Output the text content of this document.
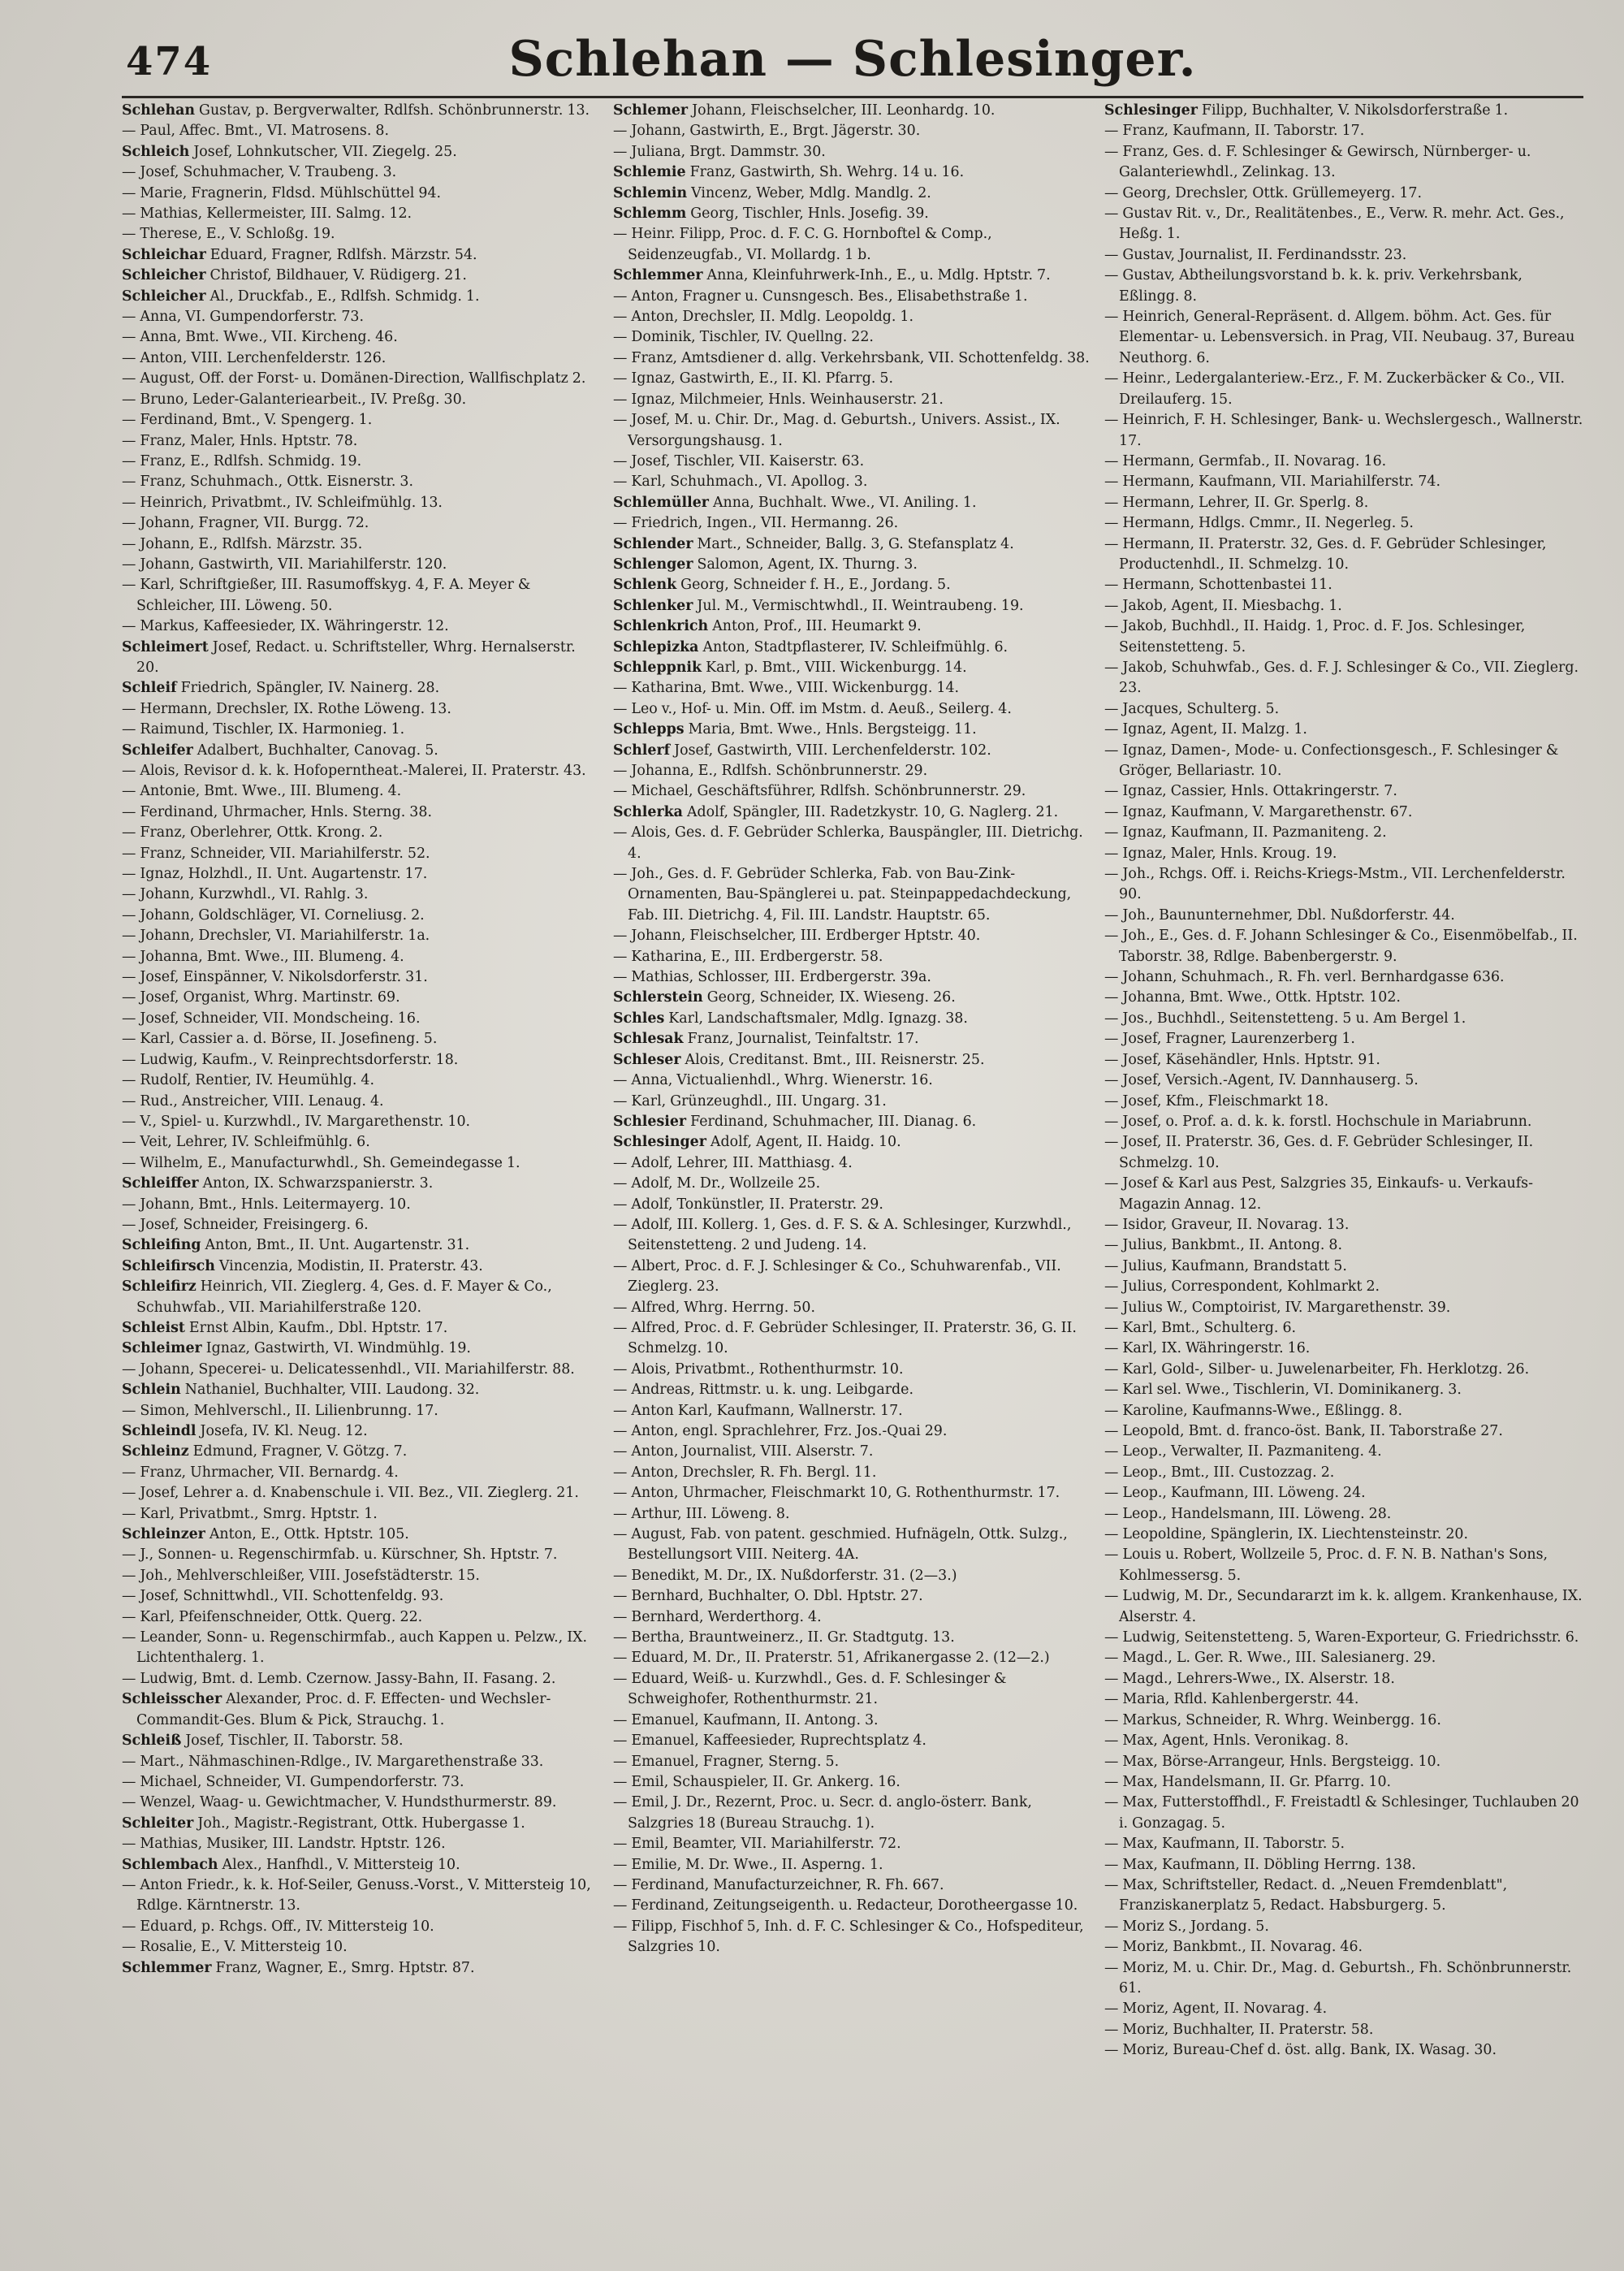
474	Schlehan — Schlesinger.
Schlehan Gustav, p. Bergverwalter, Rdlfsh. Schönbrunnerstr. 13.
— Paul, Affec. Bmt., VI. Matrosens. 8.
Schleich Josef, Lohnkutscher, VII. Ziegelg. 25.
— Josef, Schuhmacher, V. Traubeng. 3.
— Marie, Fragnerin, Fldsd. Mühlschüttel 94.
— Mathias, Kellermeister, III. Salmg. 12.
— Therese, E., V. Schloßg. 19.
Schleichar Eduard, Fragner, Rdlfsh. Märzstr. 54.
Schleicher Christof, Bildhauer, V. Rüdigerg. 21.
Schleicher Al., Druckfab., E., Rdlfsh. Schmidg. 1.
— Anna, VI. Gumpendorferstr. 73.
— Anna, Bmt. Wwe., VII. Kircheng. 46.
— Anton, VIII. Lerchenfelderstr. 126.
— August, Off. der Forst- u. Domänen-Direction, Wallfischplatz 2.
— Bruno, Leder-Galanteriearbeit., IV. Preßg. 30.
— Ferdinand, Bmt., V. Spengerg. 1.
— Franz, Maler, Hnls. Hptstr. 78.
— Franz, E., Rdlfsh. Schmidg. 19.
— Franz, Schuhmach., Ottk. Eisnerstr. 3.
— Heinrich, Privatbmt., IV. Schleifmühlg. 13.
— Johann, Fragner, VII. Burgg. 72.
— Johann, E., Rdlfsh. Märzstr. 35.
— Johann, Gastwirth, VII. Mariahilferstr. 120.
— Karl, Schriftgießer, III. Rasumoffskyg. 4, F. A. Meyer & Schleicher, III. Löweng. 50.
— Markus, Kaffeesieder, IX. Währingerstr. 12.
Schleimert Josef, Redact. u. Schriftsteller, Whrg. Hernalserstr. 20.
Schleif Friedrich, Spängler, IV. Nainerg. 28.
— Hermann, Drechsler, IX. Rothe Löweng. 13.
— Raimund, Tischler, IX. Harmonieg. 1.
Schleifer Adalbert, Buchhalter, Canovag. 5.
— Alois, Revisor d. k. k. Hofoperntheat.-Malerei, II. Praterstr. 43.
— Antonie, Bmt. Wwe., III. Blumeng. 4.
— Ferdinand, Uhrmacher, Hnls. Sterng. 38.
— Franz, Oberlehrer, Ottk. Krong. 2.
— Franz, Schneider, VII. Mariahilferstr. 52.
— Ignaz, Holzhdl., II. Unt. Augartenstr. 17.
— Johann, Kurzwhdl., VI. Rahlg. 3.
— Johann, Goldschläger, VI. Corneliusg. 2.
— Johann, Drechsler, VI. Mariahilferstr. 1a.
— Johanna, Bmt. Wwe., III. Blumeng. 4.
— Josef, Einspänner, V. Nikolsdorferstr. 31.
— Josef, Organist, Whrg. Martinstr. 69.
— Josef, Schneider, VII. Mondscheing. 16.
— Karl, Cassier a. d. Börse, II. Josefineng. 5.
— Ludwig, Kaufm., V. Reinprechtsdorferstr. 18.
— Rudolf, Rentier, IV. Heumühlg. 4.
— Rud., Anstreicher, VIII. Lenaug. 4.
— V., Spiel- u. Kurzwhdl., IV. Margarethenstr. 10.
— Veit, Lehrer, IV. Schleifmühlg. 6.
— Wilhelm, E., Manufacturwhdl., Sh. Gemeindegasse 1.
Schleiffer Anton, IX. Schwarzspanierstr. 3.
— Johann, Bmt., Hnls. Leitermayerg. 10.
— Josef, Schneider, Freisingerg. 6.
Schleifing Anton, Bmt., II. Unt. Augartenstr. 31.
Schleifirsch Vincenzia, Modistin, II. Praterstr. 43.
Schleifirz Heinrich, VII. Zieglerg. 4, Ges. d. F. Mayer & Co., Schuhwfab., VII. Mariahilferstraße 120.
Schleist Ernst Albin, Kaufm., Dbl. Hptstr. 17.
Schleimer Ignaz, Gastwirth, VI. Windmühlg. 19.
— Johann, Specerei- u. Delicatessenhdl., VII. Mariahilferstr. 88.
Schlein Nathaniel, Buchhalter, VIII. Laudong. 32.
— Simon, Mehlverschl., II. Lilienbrunng. 17.
Schleindl Josefa, IV. Kl. Neug. 12.
Schleinz Edmund, Fragner, V. Götzg. 7.
— Franz, Uhrmacher, VII. Bernardg. 4.
— Josef, Lehrer a. d. Knabenschule i. VII. Bez., VII. Zieglerg. 21.
— Karl, Privatbmt., Smrg. Hptstr. 1.
Schleinzer Anton, E., Ottk. Hptstr. 105.
— J., Sonnen- u. Regenschirmfab. u. Kürschner, Sh. Hptstr. 7.
— Joh., Mehlverschleißer, VIII. Josefstädterstr. 15.
— Josef, Schnittwhdl., VII. Schottenfeldg. 93.
— Karl, Pfeifenschneider, Ottk. Querg. 22.
— Leander, Sonn- u. Regenschirmfab., auch Kappen u. Pelzw., IX. Lichtenthalerg. 1.
— Ludwig, Bmt. d. Lemb. Czernow. Jassy-Bahn, II. Fasang. 2.
Schleisscher Alexander, Proc. d. F. Effecten- und Wechsler-Commandit-Ges. Blum & Pick, Strauchg. 1.
Schleiß Josef, Tischler, II. Taborstr. 58.
— Mart., Nähmaschinen-Rdlge., IV. Margarethenstraße 33.
— Michael, Schneider, VI. Gumpendorferstr. 73.
— Wenzel, Waag- u. Gewichtmacher, V. Hundsthurmerstr. 89.
Schleiter Joh., Magistr.-Registrant, Ottk. Hubergasse 1.
— Mathias, Musiker, III. Landstr. Hptstr. 126.
Schlembach Alex., Hanfhdl., V. Mittersteig 10.
— Anton Friedr., k. k. Hof-Seiler, Genuss.-Vorst., V. Mittersteig 10, Rdlge. Kärntnerstr. 13.
— Eduard, p. Rchgs. Off., IV. Mittersteig 10.
— Rosalie, E., V. Mittersteig 10.
Schlemmer Franz, Wagner, E., Smrg. Hptstr. 87.
Schlemer Johann, Fleischselcher, III. Leonhardg. 10.
— Johann, Gastwirth, E., Brgt. Jägerstr. 30.
— Juliana, Brgt. Dammstr. 30.
Schlemie Franz, Gastwirth, Sh. Wehrg. 14 u. 16.
Schlemin Vincenz, Weber, Mdlg. Mandlg. 2.
Schlemm Georg, Tischler, Hnls. Josefig. 39.
— Heinr. Filipp, Proc. d. F. C. G. Hornboftel & Comp., Seidenzeugfab., VI. Mollardg. 1 b.
Schlemmer Anna, Kleinfuhrwerk-Inh., E., u. Mdlg. Hptstr. 7.
— Anton, Fragner u. Cunsngesch. Bes., Elisabethstraße 1.
— Anton, Drechsler, II. Mdlg. Leopoldg. 1.
— Dominik, Tischler, IV. Quellng. 22.
— Franz, Amtsdiener d. allg. Verkehrsbank, VII. Schottenfeldg. 38.
— Ignaz, Gastwirth, E., II. Kl. Pfarrg. 5.
— Ignaz, Milchmeier, Hnls. Weinhauserstr. 21.
— Josef, M. u. Chir. Dr., Mag. d. Geburtsh., Univers. Assist., IX. Versorgungshausg. 1.
— Josef, Tischler, VII. Kaiserstr. 63.
— Karl, Schuhmach., VI. Apollog. 3.
Schlemüller Anna, Buchhalt. Wwe., VI. Aniling. 1.
— Friedrich, Ingen., VII. Hermanng. 26.
Schlender Mart., Schneider, Ballg. 3, G. Stefansplatz 4.
Schlenger Salomon, Agent, IX. Thurng. 3.
Schlenk Georg, Schneider f. H., E., Jordang. 5.
Schlenker Jul. M., Vermischtwhdl., II. Weintraubeng. 19.
Schlenkrich Anton, Prof., III. Heumarkt 9.
Schlepizka Anton, Stadtpflasterer, IV. Schleifmühlg. 6.
Schleppnik Karl, p. Bmt., VIII. Wickenburgg. 14.
— Katharina, Bmt. Wwe., VIII. Wickenburgg. 14.
— Leo v., Hof- u. Min. Off. im Mstm. d. Aeuß., Seilerg. 4.
Schlepps Maria, Bmt. Wwe., Hnls. Bergsteigg. 11.
Schlerf Josef, Gastwirth, VIII. Lerchenfelderstr. 102.
— Johanna, E., Rdlfsh. Schönbrunnerstr. 29.
— Michael, Geschäftsführer, Rdlfsh. Schönbrunnerstr. 29.
Schlerka Adolf, Spängler, III. Radetzkystr. 10, G. Naglerg. 21.
— Alois, Ges. d. F. Gebrüder Schlerka, Bauspängler, III. Dietrichg. 4.
— Joh., Ges. d. F. Gebrüder Schlerka, Fab. von Bau-Zink-Ornamenten, Bau-Spänglerei u. pat. Steinpappedachdeckung, Fab. III. Dietrichg. 4, Fil. III. Landstr. Hauptstr. 65.
— Johann, Fleischselcher, III. Erdberger Hptstr. 40.
— Katharina, E., III. Erdbergerstr. 58.
— Mathias, Schlosser, III. Erdbergerstr. 39a.
Schlerstein Georg, Schneider, IX. Wieseng. 26.
Schles Karl, Landschaftsmaler, Mdlg. Ignazg. 38.
Schlesak Franz, Journalist, Teinfaltstr. 17.
Schleser Alois, Creditanst. Bmt., III. Reisnerstr. 25.
— Anna, Victualienhdl., Whrg. Wienerstr. 16.
— Karl, Grünzeughdl., III. Ungarg. 31.
Schlesier Ferdinand, Schuhmacher, III. Dianag. 6.
Schlesinger Adolf, Agent, II. Haidg. 10.
— Adolf, Lehrer, III. Matthiasg. 4.
— Adolf, M. Dr., Wollzeile 25.
— Adolf, Tonkünstler, II. Praterstr. 29.
— Adolf, III. Kollerg. 1, Ges. d. F. S. & A. Schlesinger, Kurzwhdl., Seitenstetteng. 2 und Judeng. 14.
— Albert, Proc. d. F. J. Schlesinger & Co., Schuhwarenfab., VII. Zieglerg. 23.
— Alfred, Whrg. Herrng. 50.
— Alfred, Proc. d. F. Gebrüder Schlesinger, II. Praterstr. 36, G. II. Schmelzg. 10.
— Alois, Privatbmt., Rothenthurmstr. 10.
— Andreas, Rittmstr. u. k. ung. Leibgarde.
— Anton Karl, Kaufmann, Wallnerstr. 17.
— Anton, engl. Sprachlehrer, Frz. Jos.-Quai 29.
— Anton, Journalist, VIII. Alserstr. 7.
— Anton, Drechsler, R. Fh. Bergl. 11.
— Anton, Uhrmacher, Fleischmarkt 10, G. Rothenthurmstr. 17.
— Arthur, III. Löweng. 8.
— August, Fab. von patent. geschmied. Hufnägeln, Ottk. Sulzg., Bestellungsort VIII. Neiterg. 4A.
— Benedikt, M. Dr., IX. Nußdorferstr. 31. (2—3.)
— Bernhard, Buchhalter, O. Dbl. Hptstr. 27.
— Bernhard, Werderthorg. 4.
— Bertha, Brauntweinerz., II. Gr. Stadtgutg. 13.
— Eduard, M. Dr., II. Praterstr. 51, Afrikanergasse 2. (12—2.)
— Eduard, Weiß- u. Kurzwhdl., Ges. d. F. Schlesinger & Schweighofer, Rothenthurmstr. 21.
— Emanuel, Kaufmann, II. Antong. 3.
— Emanuel, Kaffeesieder, Ruprechtsplatz 4.
— Emanuel, Fragner, Sterng. 5.
— Emil, Schauspieler, II. Gr. Ankerg. 16.
— Emil, J. Dr., Rezernt, Proc. u. Secr. d. anglo-österr. Bank, Salzgries 18 (Bureau Strauchg. 1).
— Emil, Beamter, VII. Mariahilferstr. 72.
— Emilie, M. Dr. Wwe., II. Asperng. 1.
— Ferdinand, Manufacturzeichner, R. Fh. 667.
— Ferdinand, Zeitungseigenth. u. Redacteur, Dorotheergasse 10.
— Filipp, Fischhof 5, Inh. d. F. C. Schlesinger & Co., Hofspediteur, Salzgries 10.
Schlesinger Filipp, Buchhalter, V. Nikolsdorferstraße 1.
— Franz, Kaufmann, II. Taborstr. 17.
— Franz, Ges. d. F. Schlesinger & Gewirsch, Nürnberger- u. Galanteriewhdl., Zelinkag. 13.
— Georg, Drechsler, Ottk. Grüllemeyerg. 17.
— Gustav Rit. v., Dr., Realitätenbes., E., Verw. R. mehr. Act. Ges., Heßg. 1.
— Gustav, Journalist, II. Ferdinandsstr. 23.
— Gustav, Abtheilungsvorstand b. k. k. priv. Verkehrsbank, Eßlingg. 8.
— Heinrich, General-Repräsent. d. Allgem. böhm. Act. Ges. für Elementar- u. Lebensversich. in Prag, VII. Neubaug. 37, Bureau Neuthorg. 6.
— Heinr., Ledergalanteriew.-Erz., F. M. Zuckerbäcker & Co., VII. Dreilauferg. 15.
— Heinrich, F. H. Schlesinger, Bank- u. Wechslergesch., Wallnerstr. 17.
— Hermann, Germfab., II. Novarag. 16.
— Hermann, Kaufmann, VII. Mariahilferstr. 74.
— Hermann, Lehrer, II. Gr. Sperlg. 8.
— Hermann, Hdlgs. Cmmr., II. Negerleg. 5.
— Hermann, II. Praterstr. 32, Ges. d. F. Gebrüder Schlesinger, Productenhdl., II. Schmelzg. 10.
— Hermann, Schottenbastei 11.
— Jakob, Agent, II. Miesbachg. 1.
— Jakob, Buchhdl., II. Haidg. 1, Proc. d. F. Jos. Schlesinger, Seitenstetteng. 5.
— Jakob, Schuhwfab., Ges. d. F. J. Schlesinger & Co., VII. Zieglerg. 23.
— Jacques, Schulterg. 5.
— Ignaz, Agent, II. Malzg. 1.
— Ignaz, Damen-, Mode- u. Confectionsgesch., F. Schlesinger & Gröger, Bellariastr. 10.
— Ignaz, Cassier, Hnls. Ottakringerstr. 7.
— Ignaz, Kaufmann, V. Margarethenstr. 67.
— Ignaz, Kaufmann, II. Pazmaniteng. 2.
— Ignaz, Maler, Hnls. Kroug. 19.
— Joh., Rchgs. Off. i. Reichs-Kriegs-Mstm., VII. Lerchenfelderstr. 90.
— Joh., Baununternehmer, Dbl. Nußdorferstr. 44.
— Joh., E., Ges. d. F. Johann Schlesinger & Co., Eisenmöbelfab., II. Taborstr. 38, Rdlge. Babenbergerstr. 9.
— Johann, Schuhmach., R. Fh. verl. Bernhardgasse 636.
— Johanna, Bmt. Wwe., Ottk. Hptstr. 102.
— Jos., Buchhdl., Seitenstetteng. 5 u. Am Bergel 1.
— Josef, Fragner, Laurenzerberg 1.
— Josef, Käsehändler, Hnls. Hptstr. 91.
— Josef, Versich.-Agent, IV. Dannhauserg. 5.
— Josef, Kfm., Fleischmarkt 18.
— Josef, o. Prof. a. d. k. k. forstl. Hochschule in Mariabrunn.
— Josef, II. Praterstr. 36, Ges. d. F. Gebrüder Schlesinger, II. Schmelzg. 10.
— Josef & Karl aus Pest, Salzgries 35, Einkaufs- u. Verkaufs-Magazin Annag. 12.
— Isidor, Graveur, II. Novarag. 13.
— Julius, Bankbmt., II. Antong. 8.
— Julius, Kaufmann, Brandstatt 5.
— Julius, Correspondent, Kohlmarkt 2.
— Julius W., Comptoirist, IV. Margarethenstr. 39.
— Karl, Bmt., Schulterg. 6.
— Karl, IX. Währingerstr. 16.
— Karl, Gold-, Silber- u. Juwelenarbeiter, Fh. Herklotzg. 26.
— Karl sel. Wwe., Tischlerin, VI. Dominikanerg. 3.
— Karoline, Kaufmanns-Wwe., Eßlingg. 8.
— Leopold, Bmt. d. franco-öst. Bank, II. Taborstraße 27.
— Leop., Verwalter, II. Pazmaniteng. 4.
— Leop., Bmt., III. Custozzag. 2.
— Leop., Kaufmann, III. Löweng. 24.
— Leop., Handelsmann, III. Löweng. 28.
— Leopoldine, Spänglerin, IX. Liechtensteinstr. 20.
— Louis u. Robert, Wollzeile 5, Proc. d. F. N. B. Nathan's Sons, Kohlmessersg. 5.
— Ludwig, M. Dr., Secundararzt im k. k. allgem. Krankenhause, IX. Alserstr. 4.
— Ludwig, Seitenstetteng. 5, Waren-Exporteur, G. Friedrichsstr. 6.
— Magd., L. Ger. R. Wwe., III. Salesianerg. 29.
— Magd., Lehrers-Wwe., IX. Alserstr. 18.
— Maria, Rfld. Kahlenbergerstr. 44.
— Markus, Schneider, R. Whrg. Weinbergg. 16.
— Max, Agent, Hnls. Veronikag. 8.
— Max, Börse-Arrangeur, Hnls. Bergsteigg. 10.
— Max, Handelsmann, II. Gr. Pfarrg. 10.
— Max, Futterstoffhdl., F. Freistadtl & Schlesinger, Tuchlauben 20 i. Gonzagag. 5.
— Max, Kaufmann, II. Taborstr. 5.
— Max, Kaufmann, II. Döbling Herrng. 138.
— Max, Schriftsteller, Redact. d. „Neuen Fremdenblatt", Franziskanerplatz 5, Redact. Habsburgerg. 5.
— Moriz S., Jordang. 5.
— Moriz, Bankbmt., II. Novarag. 46.
— Moriz, M. u. Chir. Dr., Mag. d. Geburtsh., Fh. Schönbrunnerstr. 61.
— Moriz, Agent, II. Novarag. 4.
— Moriz, Buchhalter, II. Praterstr. 58.
— Moriz, Bureau-Chef d. öst. allg. Bank, IX. Wasag. 30.
